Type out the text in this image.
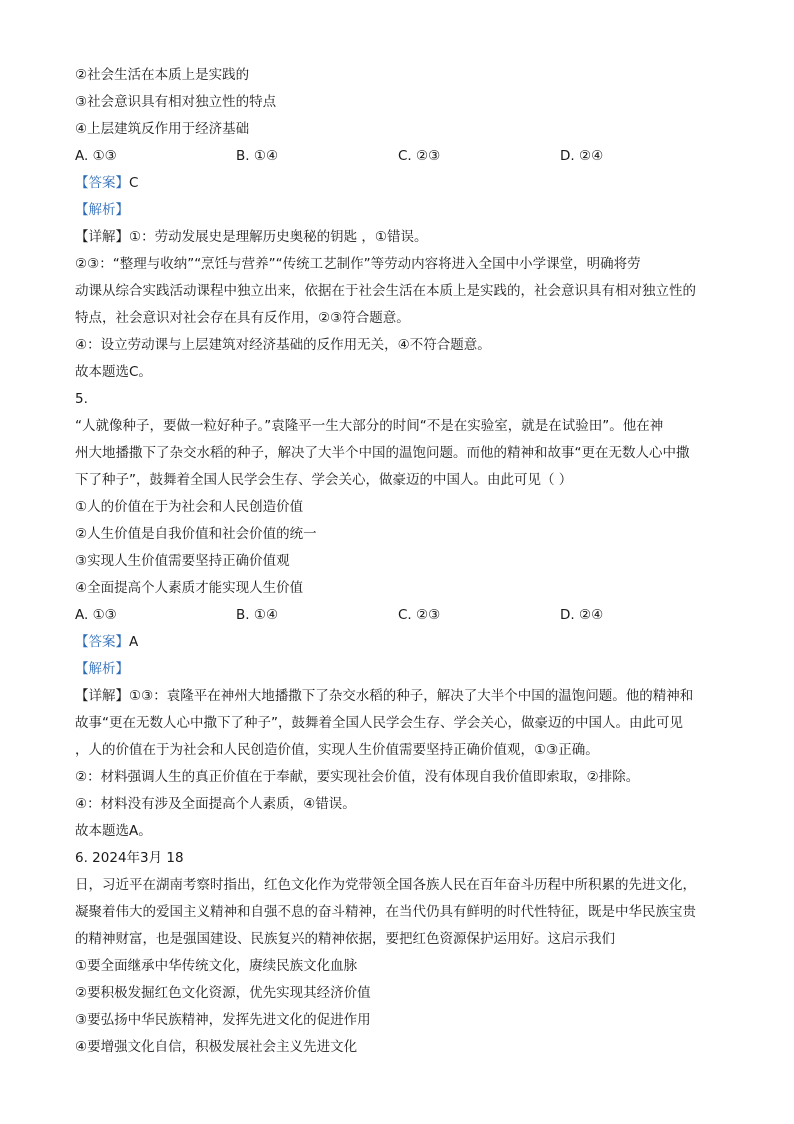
②社会生活在本质上是实践的
③社会意识具有相对独立性的特点
④上层建筑反作用于经济基础
A. ①③	B. ①④	C. ②③	D. ②④
【答案】C
【解析】
【详解】①：劳动发展史是理解历史奥秘的钥匙 ，①错误。
②③：“整理与收纳”“烹饪与营养”“传统工艺制作”等劳动内容将进入全国中小学课堂，明确将劳
动课从综合实践活动课程中独立出来，依据在于社会生活在本质上是实践的，社会意识具有相对独立性的
特点，社会意识对社会存在具有反作用，②③符合题意。
④：设立劳动课与上层建筑对经济基础的反作用无关，④不符合题意。
故本题选C。
5.
“人就像种子，要做一粒好种子。”袁隆平一生大部分的时间“不是在实验室，就是在试验田”。他在神
州大地播撒下了杂交水稻的种子，解决了大半个中国的温饱问题。而他的精神和故事“更在无数人心中撒
下了种子”，鼓舞着全国人民学会生存、学会关心，做豪迈的中国人。由此可见（ ）
①人的价值在于为社会和人民创造价值
②人生价值是自我价值和社会价值的统一
③实现人生价值需要坚持正确价值观
④全面提高个人素质才能实现人生价值
A. ①③	B. ①④	C. ②③	D. ②④
【答案】A
【解析】
【详解】①③：袁隆平在神州大地播撒下了杂交水稻的种子，解决了大半个中国的温饱问题。他的精神和
故事“更在无数人心中撒下了种子”，鼓舞着全国人民学会生存、学会关心，做豪迈的中国人。由此可见
，人的价值在于为社会和人民创造价值，实现人生价值需要坚持正确价值观，①③正确。
②：材料强调人生的真正价值在于奉献，要实现社会价值，没有体现自我价值即索取，②排除。
④：材料没有涉及全面提高个人素质，④错误。
故本题选A。
6. 2024年3月 18
日，习近平在湖南考察时指出，红色文化作为党带领全国各族人民在百年奋斗历程中所积累的先进文化，
凝聚着伟大的爱国主义精神和自强不息的奋斗精神，在当代仍具有鲜明的时代性特征，既是中华民族宝贵
的精神财富，也是强国建设、民族复兴的精神依据，要把红色资源保护运用好。这启示我们
①要全面继承中华传统文化，赓续民族文化血脉
②要积极发掘红色文化资源，优先实现其经济价值
③要弘扬中华民族精神，发挥先进文化的促进作用
④要增强文化自信，积极发展社会主义先进文化
